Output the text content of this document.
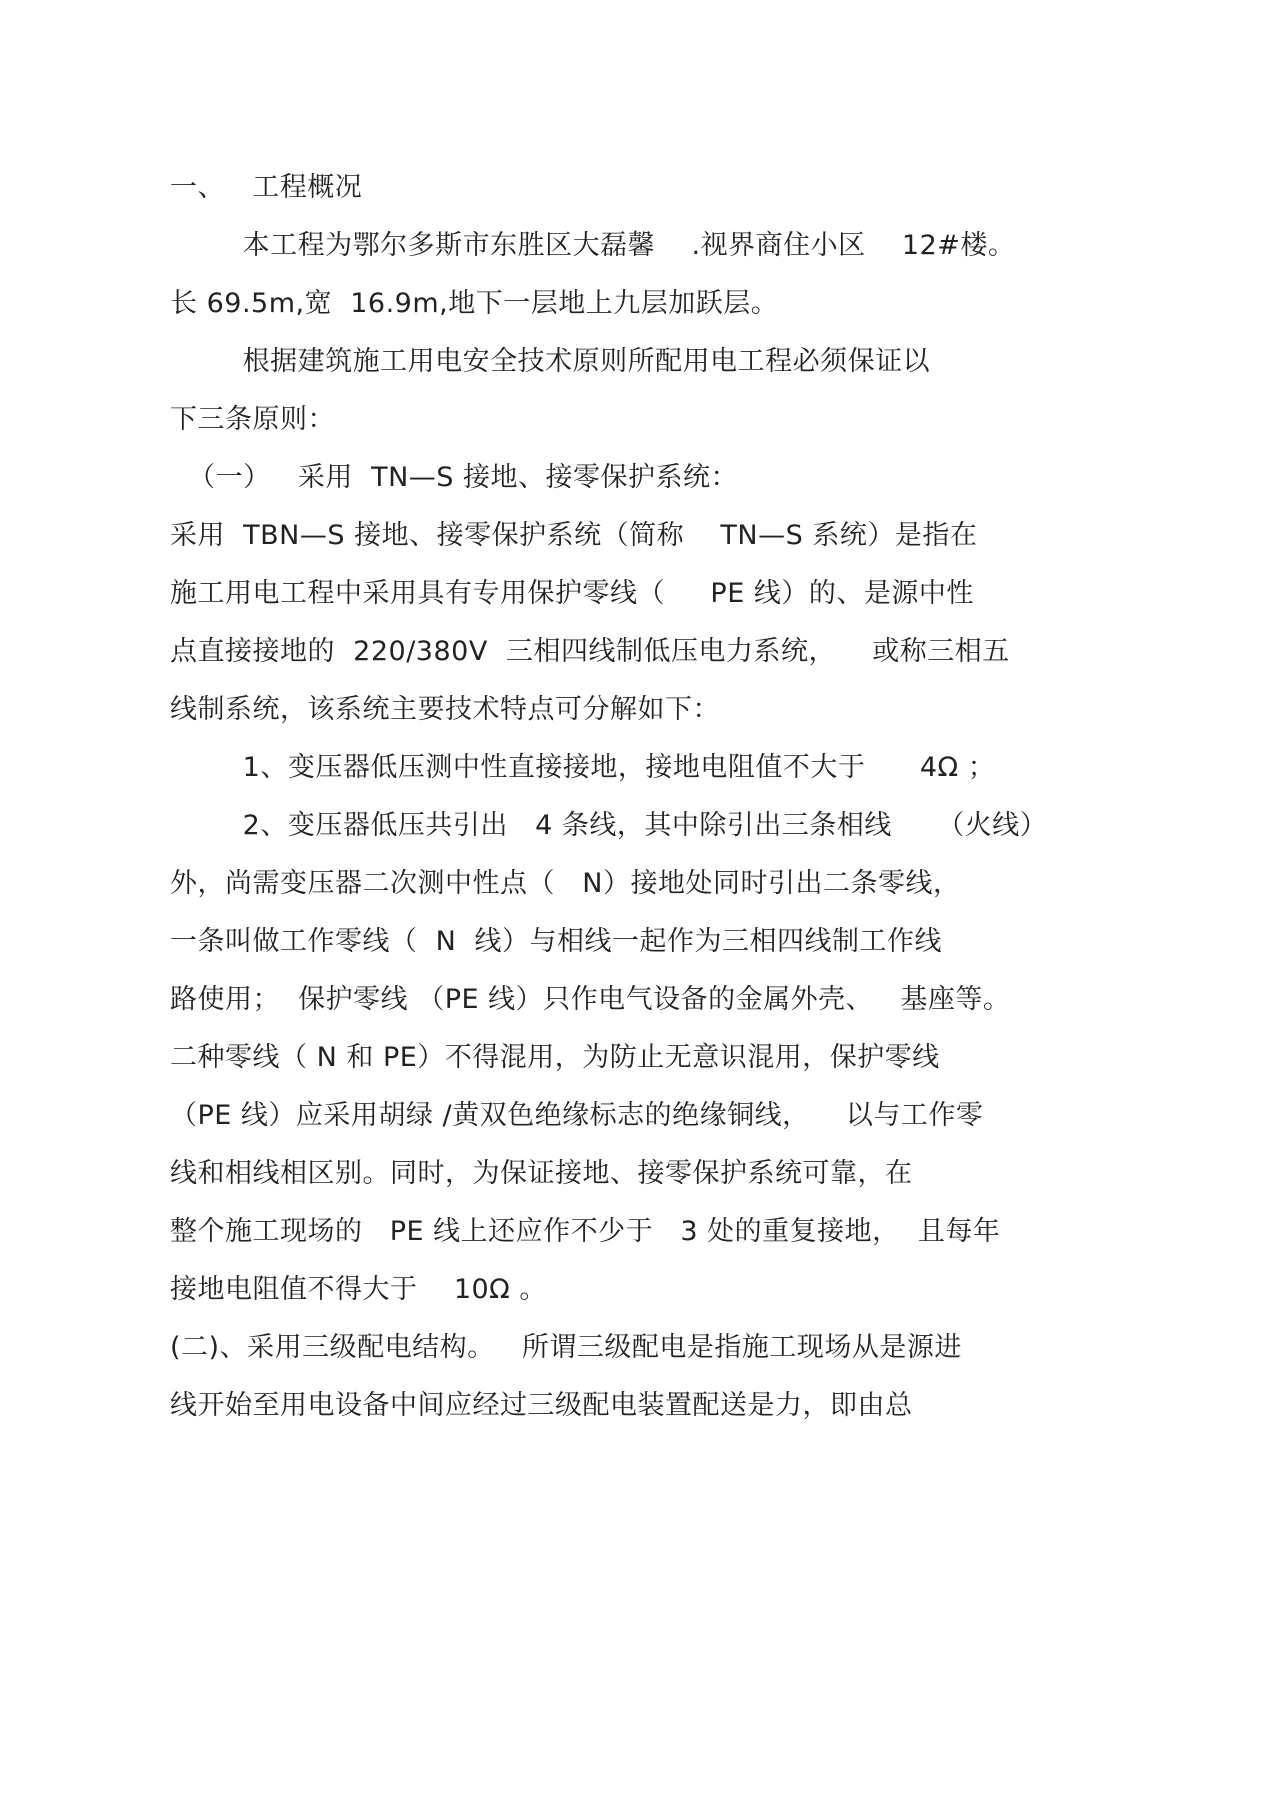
一、   工程概况
本工程为鄂尔多斯市东胜区大磊馨    .视界商住小区    12#楼。
长 69.5m,宽  16.9m,地下一层地上九层加跃层。
根据建筑施工用电安全技术原则所配用电工程必须保证以
下三条原则：
（一）   采用  TN—S 接地、接零保护系统：
采用  TBN—S 接地、接零保护系统（简称    TN—S 系统）是指在
施工用电工程中采用具有专用保护零线（     PE 线）的、是源中性
点直接接地的  220/380V  三相四线制低压电力系统，    或称三相五
线制系统，该系统主要技术特点可分解如下：
1、变压器低压测中性直接接地，接地电阻值不大于      4Ω ；
2、变压器低压共引出   4 条线，其中除引出三条相线     （火线）
外，尚需变压器二次测中性点（   N）接地处同时引出二条零线，
一条叫做工作零线（  N  线）与相线一起作为三相四线制工作线
路使用；  保护零线 （PE 线）只作电气设备的金属外壳、   基座等。
二种零线（ N 和 PE）不得混用，为防止无意识混用，保护零线
（PE 线）应采用胡绿 /黄双色绝缘标志的绝缘铜线，    以与工作零
线和相线相区别。同时，为保证接地、接零保护系统可靠，在
整个施工现场的   PE 线上还应作不少于   3 处的重复接地，  且每年
接地电阻值不得大于    10Ω 。
(二)、采用三级配电结构。   所谓三级配电是指施工现场从是源进
线开始至用电设备中间应经过三级配电装置配送是力，即由总
